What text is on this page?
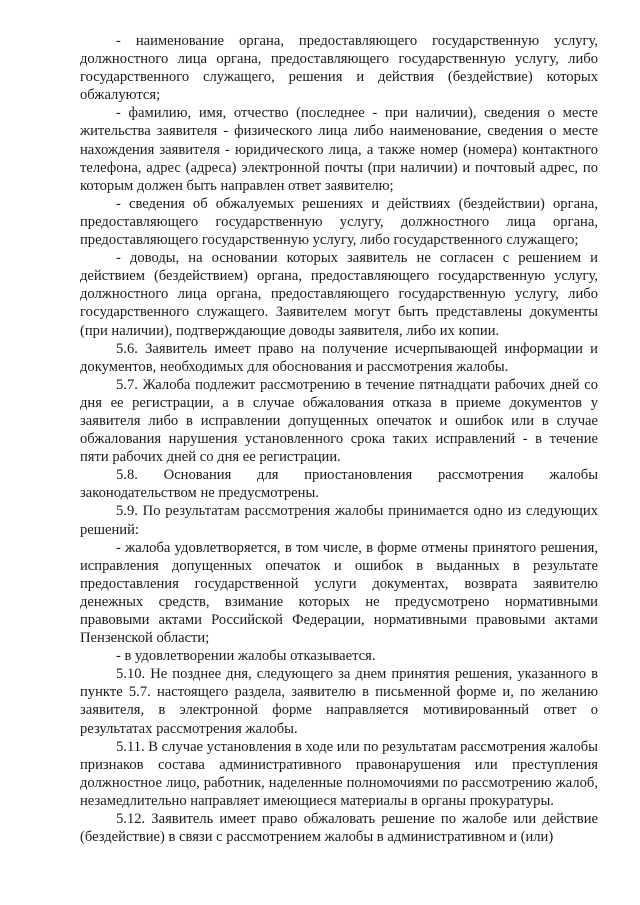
- наименование органа, предоставляющего государственную услугу, должностного лица органа, предоставляющего государственную услугу, либо государственного служащего, решения и действия (бездействие) которых обжалуются;

- фамилию, имя, отчество (последнее - при наличии), сведения о месте жительства заявителя - физического лица либо наименование, сведения о месте нахождения заявителя - юридического лица, а также номер (номера) контактного телефона, адрес (адреса) электронной почты (при наличии) и почтовый адрес, по которым должен быть направлен ответ заявителю;

- сведения об обжалуемых решениях и действиях (бездействии) органа, предоставляющего государственную услугу, должностного лица органа, предоставляющего государственную услугу, либо государственного служащего;

- доводы, на основании которых заявитель не согласен с решением и действием (бездействием) органа, предоставляющего государственную услугу, должностного лица органа, предоставляющего государственную услугу, либо государственного служащего. Заявителем могут быть представлены документы (при наличии), подтверждающие доводы заявителя, либо их копии.

5.6. Заявитель имеет право на получение исчерпывающей информации и документов, необходимых для обоснования и рассмотрения жалобы.

5.7. Жалоба подлежит рассмотрению в течение пятнадцати рабочих дней со дня ее регистрации, а в случае обжалования отказа в приеме документов у заявителя либо в исправлении допущенных опечаток и ошибок или в случае обжалования нарушения установленного срока таких исправлений - в течение пяти рабочих дней со дня ее регистрации.

5.8. Основания для приостановления рассмотрения жалобы законодательством не предусмотрены.

5.9. По результатам рассмотрения жалобы принимается одно из следующих решений:

- жалоба удовлетворяется, в том числе, в форме отмены принятого решения, исправления допущенных опечаток и ошибок в выданных в результате предоставления государственной услуги документах, возврата заявителю денежных средств, взимание которых не предусмотрено нормативными правовыми актами Российской Федерации, нормативными правовыми актами Пензенской области;

- в удовлетворении жалобы отказывается.

5.10. Не позднее дня, следующего за днем принятия решения, указанного в пункте 5.7. настоящего раздела, заявителю в письменной форме и, по желанию заявителя, в электронной форме направляется мотивированный ответ о результатах рассмотрения жалобы.

5.11. В случае установления в ходе или по результатам рассмотрения жалобы признаков состава административного правонарушения или преступления должностное лицо, работник, наделенные полномочиями по рассмотрению жалоб, незамедлительно направляет имеющиеся материалы в органы прокуратуры.

5.12. Заявитель имеет право обжаловать решение по жалобе или действие (бездействие) в связи с рассмотрением жалобы в административном и (или)
